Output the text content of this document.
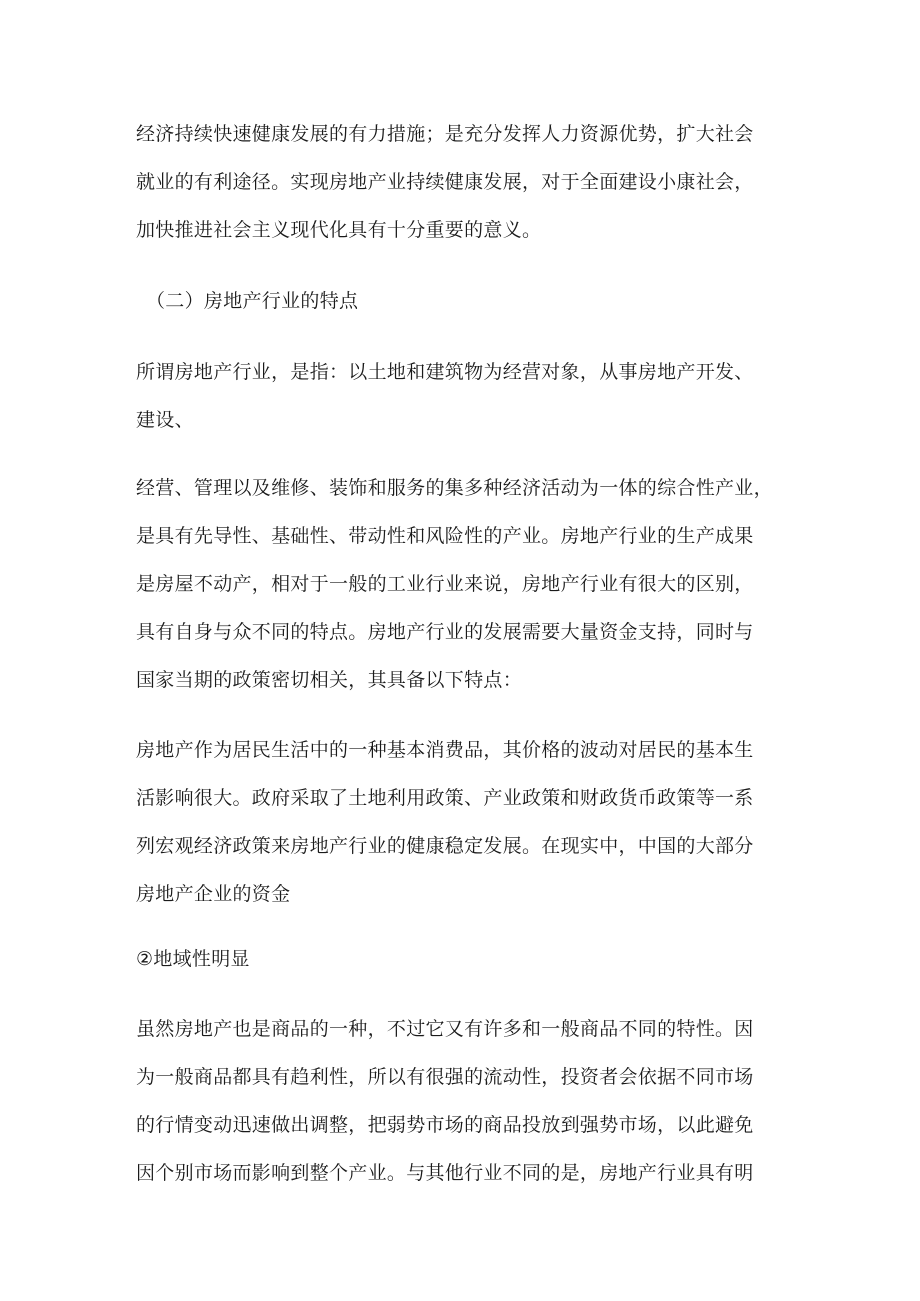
经济持续快速健康发展的有力措施；是充分发挥人力资源优势，扩大社会
就业的有利途径。实现房地产业持续健康发展，对于全面建设小康社会，
加快推进社会主义现代化具有十分重要的意义。
（二）房地产行业的特点
所谓房地产行业，是指：以土地和建筑物为经营对象，从事房地产开发、
建设、
经营、管理以及维修、装饰和服务的集多种经济活动为一体的综合性产业，
是具有先导性、基础性、带动性和风险性的产业。房地产行业的生产成果
是房屋不动产，相对于一般的工业行业来说，房地产行业有很大的区别，
具有自身与众不同的特点。房地产行业的发展需要大量资金支持，同时与
国家当期的政策密切相关，其具备以下特点：
房地产作为居民生活中的一种基本消费品，其价格的波动对居民的基本生
活影响很大。政府采取了土地利用政策、产业政策和财政货币政策等一系
列宏观经济政策来房地产行业的健康稳定发展。在现实中，中国的大部分
房地产企业的资金
②地域性明显
虽然房地产也是商品的一种，不过它又有许多和一般商品不同的特性。因
为一般商品都具有趋利性，所以有很强的流动性，投资者会依据不同市场
的行情变动迅速做出调整，把弱势市场的商品投放到强势市场，以此避免
因个别市场而影响到整个产业。与其他行业不同的是，房地产行业具有明
